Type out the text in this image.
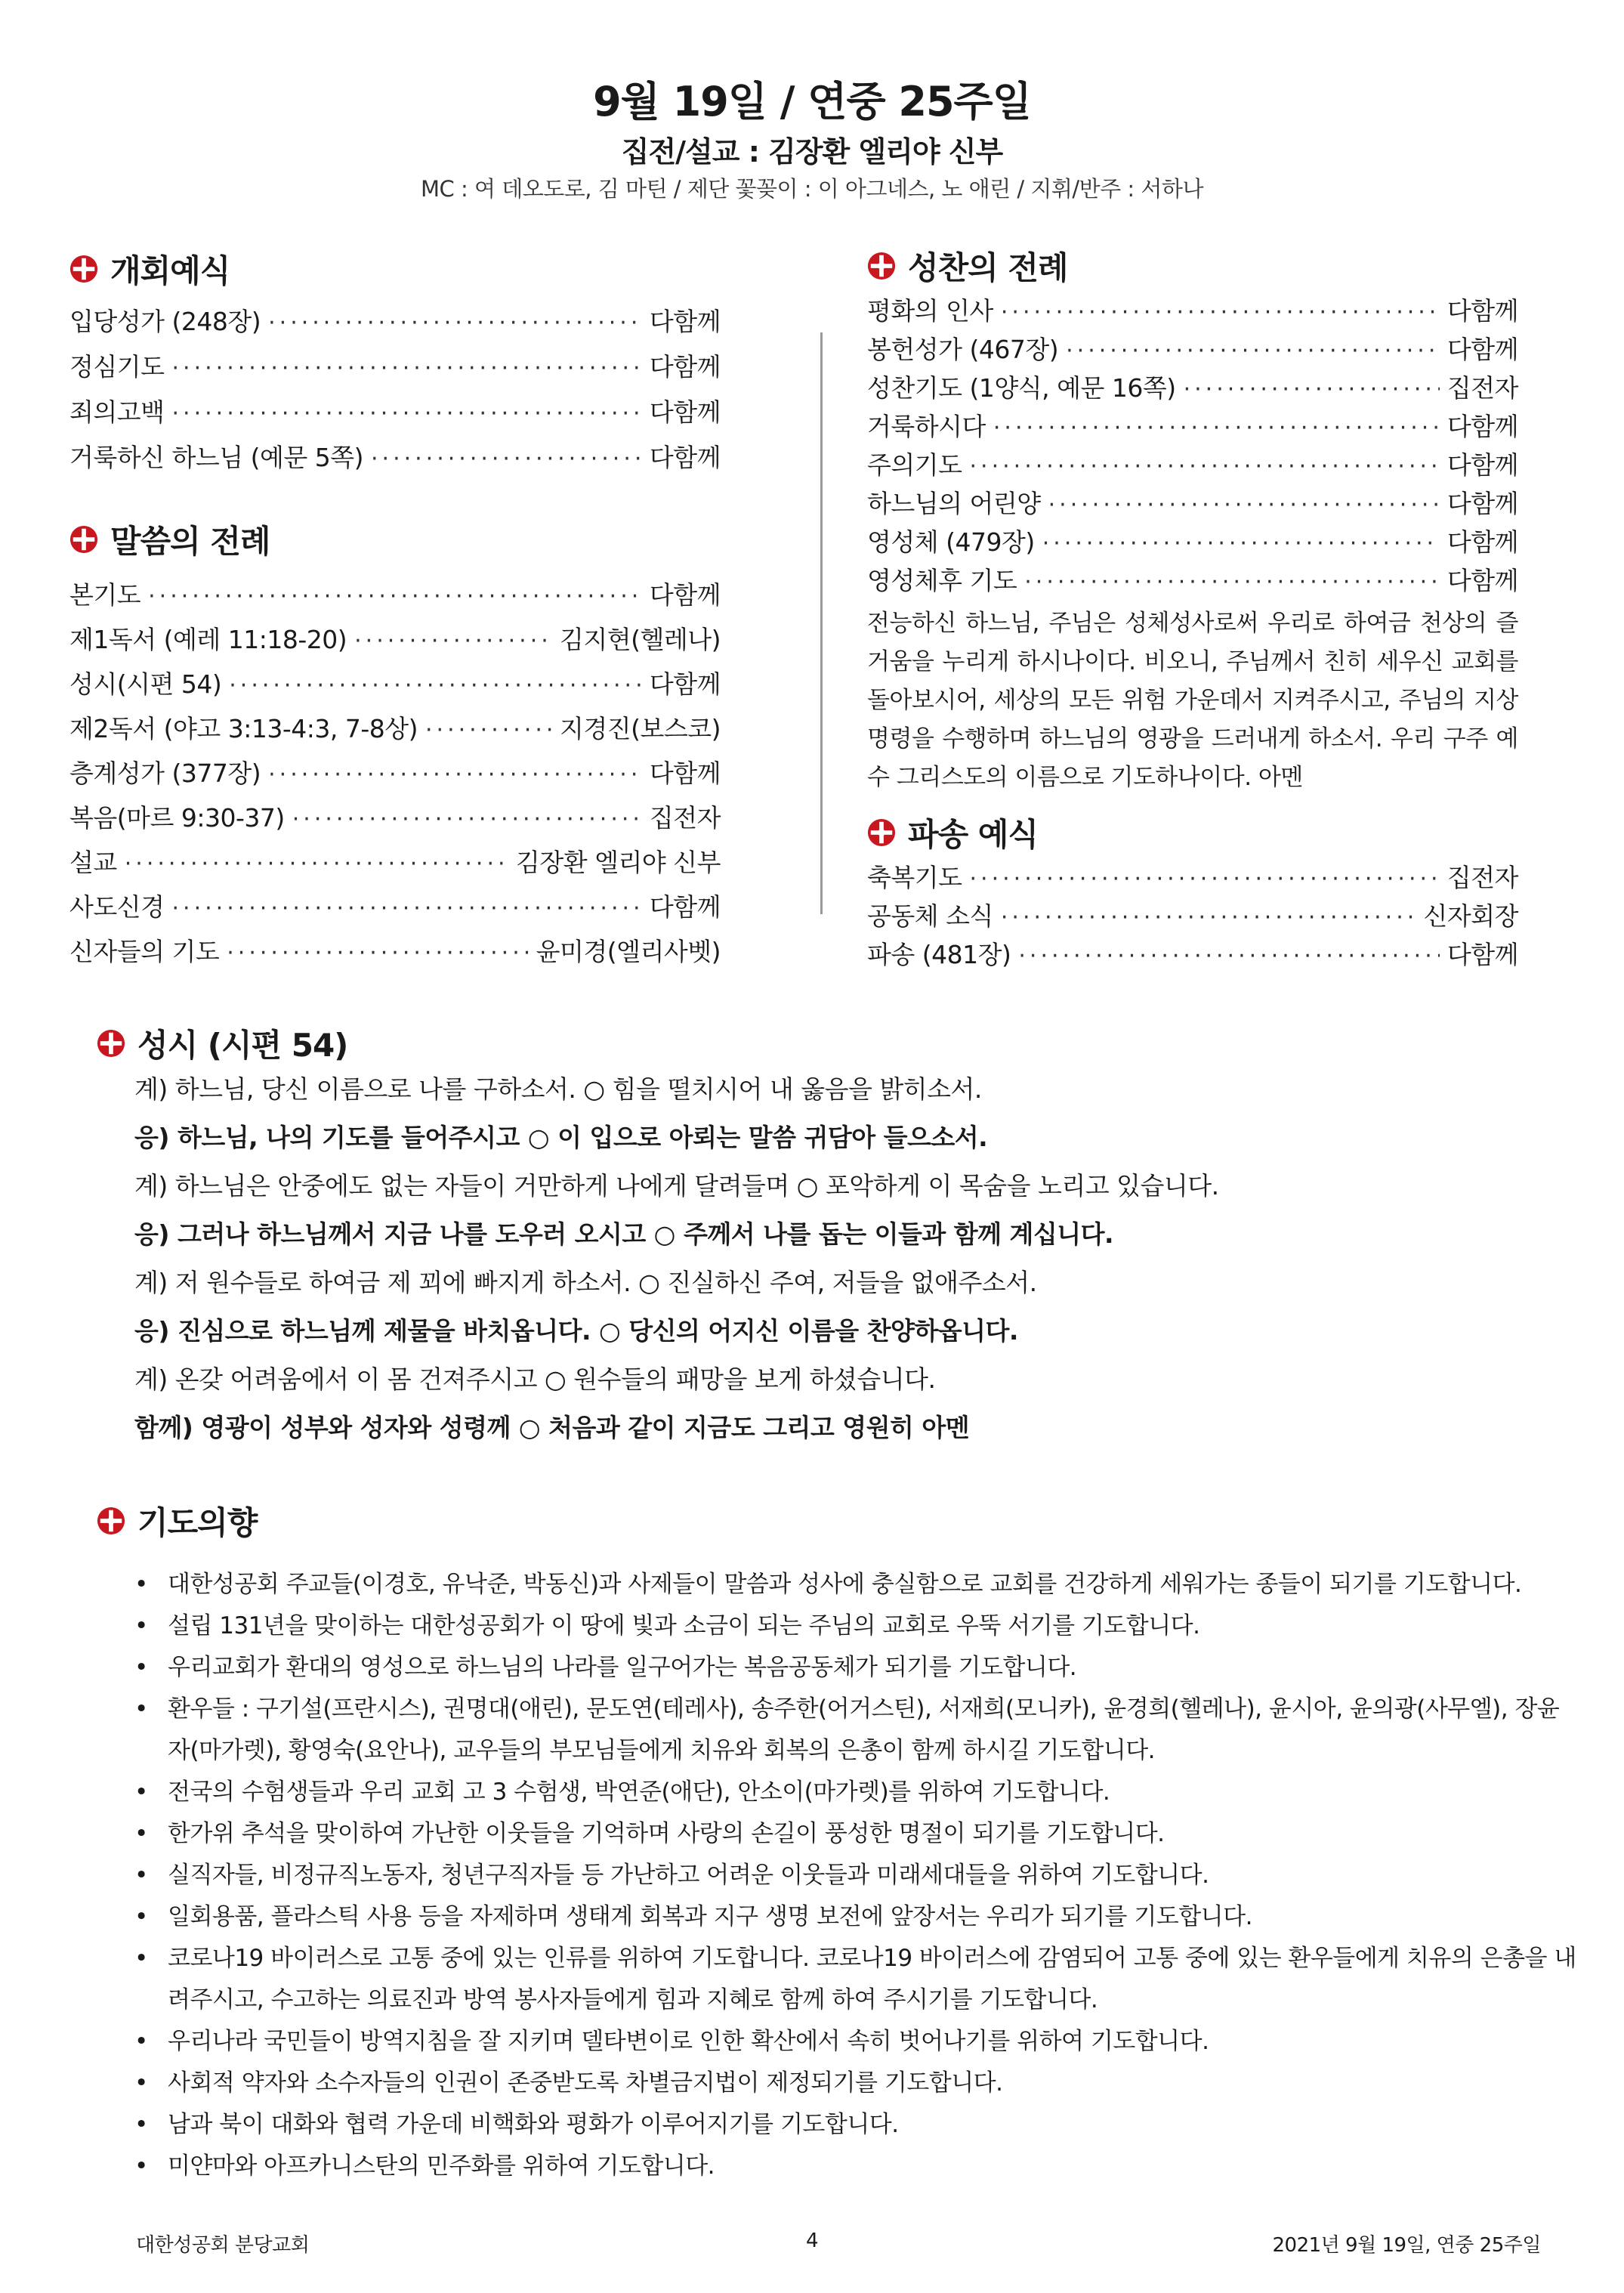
9월 19일 / 연중 25주일
집전/설교 : 김장환 엘리야 신부
MC : 여 데오도로, 김 마틴 / 제단 꽃꽂이 : 이 아그네스, 노 애린 / 지휘/반주 : 서하나
개회예식
입당성가 (248장) ·····	다함께
정심기도 ·····	다함께
죄의고백 ·····	다함께
거룩하신 하느님 (예문 5쪽) ·····	다함께
말씀의 전례
본기도 ·····	다함께
제1독서 (예레 11:18-20) ·····	김지현(헬레나)
성시(시편 54) ·····	다함께
제2독서 (야고 3:13-4:3, 7-8상) ·····	지경진(보스코)
층계성가 (377장) ·····	다함께
복음(마르 9:30-37) ·····	집전자
설교 ·····	김장환 엘리야 신부
사도신경 ·····	다함께
신자들의 기도 ·····	윤미경(엘리사벳)
성찬의 전례
평화의 인사 ·····	다함께
봉헌성가 (467장) ·····	다함께
성찬기도 (1양식, 예문 16쪽) ·····	집전자
거룩하시다 ·····	다함께
주의기도 ·····	다함께
하느님의 어린양 ·····	다함께
영성체 (479장) ·····	다함께
영성체후 기도 ·····	다함께
전능하신 하느님, 주님은 성체성사로써 우리로 하여금 천상의 즐거움을 누리게 하시나이다. 비오니, 주님께서 친히 세우신 교회를 돌아보시어, 세상의 모든 위험 가운데서 지켜주시고, 주님의 지상명령을 수행하며 하느님의 영광을 드러내게 하소서. 우리 구주 예수 그리스도의 이름으로 기도하나이다. 아멘
파송 예식
축복기도 ·····	집전자
공동체 소식 ·····	신자회장
파송 (481장) ·····	다함께
성시 (시편 54)
계) 하느님, 당신 이름으로 나를 구하소서. ○ 힘을 떨치시어 내 옳음을 밝히소서.
응) 하느님, 나의 기도를 들어주시고 ○ 이 입으로 아뢰는 말씀 귀담아 들으소서.
계) 하느님은 안중에도 없는 자들이 거만하게 나에게 달려들며 ○ 포악하게 이 목숨을 노리고 있습니다.
응) 그러나 하느님께서 지금 나를 도우러 오시고 ○ 주께서 나를 돕는 이들과 함께 계십니다.
계) 저 원수들로 하여금 제 꾀에 빠지게 하소서. ○ 진실하신 주여, 저들을 없애주소서.
응) 진심으로 하느님께 제물을 바치옵니다. ○ 당신의 어지신 이름을 찬양하옵니다.
계) 온갖 어려움에서 이 몸 건져주시고 ○ 원수들의 패망을 보게 하셨습니다.
함께) 영광이 성부와 성자와 성령께 ○ 처음과 같이 지금도 그리고 영원히 아멘
기도의향
• 대한성공회 주교들(이경호, 유낙준, 박동신)과 사제들이 말씀과 성사에 충실함으로 교회를 건강하게 세워가는 종들이 되기를 기도합니다.
• 설립 131년을 맞이하는 대한성공회가 이 땅에 빛과 소금이 되는 주님의 교회로 우뚝 서기를 기도합니다.
• 우리교회가 환대의 영성으로 하느님의 나라를 일구어가는 복음공동체가 되기를 기도합니다.
• 환우들 : 구기설(프란시스), 권명대(애린), 문도연(테레사), 송주한(어거스틴), 서재희(모니카), 윤경희(헬레나), 윤시아, 윤의광(사무엘), 장윤자(마가렛), 황영숙(요안나), 교우들의 부모님들에게 치유와 회복의 은총이 함께 하시길 기도합니다.
• 전국의 수험생들과 우리 교회 고 3 수험생, 박연준(애단), 안소이(마가렛)를 위하여 기도합니다.
• 한가위 추석을 맞이하여 가난한 이웃들을 기억하며 사랑의 손길이 풍성한 명절이 되기를 기도합니다.
• 실직자들, 비정규직노동자, 청년구직자들 등 가난하고 어려운 이웃들과 미래세대들을 위하여 기도합니다.
• 일회용품, 플라스틱 사용 등을 자제하며 생태계 회복과 지구 생명 보전에 앞장서는 우리가 되기를 기도합니다.
• 코로나19 바이러스로 고통 중에 있는 인류를 위하여 기도합니다. 코로나19 바이러스에 감염되어 고통 중에 있는 환우들에게 치유의 은총을 내려주시고, 수고하는 의료진과 방역 봉사자들에게 힘과 지혜로 함께 하여 주시기를 기도합니다.
• 우리나라 국민들이 방역지침을 잘 지키며 델타변이로 인한 확산에서 속히 벗어나기를 위하여 기도합니다.
• 사회적 약자와 소수자들의 인권이 존중받도록 차별금지법이 제정되기를 기도합니다.
• 남과 북이 대화와 협력 가운데 비핵화와 평화가 이루어지기를 기도합니다.
• 미얀마와 아프카니스탄의 민주화를 위하여 기도합니다.
대한성공회 분당교회	4	2021년 9월 19일, 연중 25주일
